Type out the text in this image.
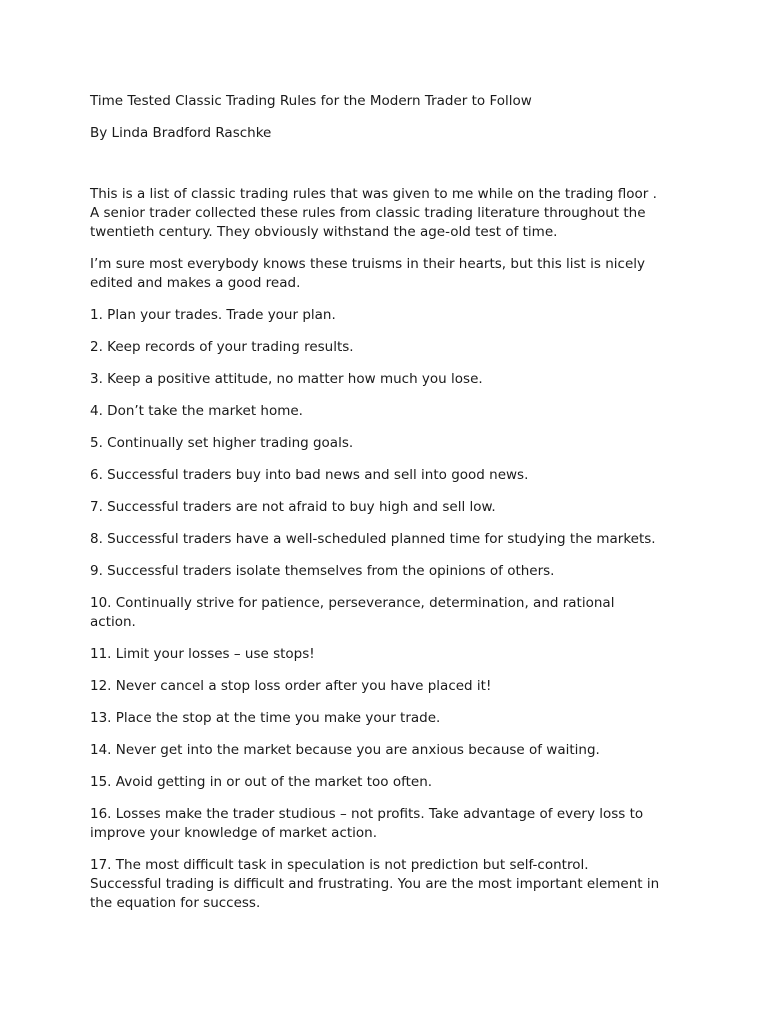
Time Tested Classic Trading Rules for the Modern Trader to Follow

By Linda Bradford Raschke

This is a list of classic trading rules that was given to me while on the trading floor .
A senior trader collected these rules from classic trading literature throughout the
twentieth century. They obviously withstand the age-old test of time.

I’m sure most everybody knows these truisms in their hearts, but this list is nicely
edited and makes a good read.

1. Plan your trades. Trade your plan.
2. Keep records of your trading results.
3. Keep a positive attitude, no matter how much you lose.
4. Don’t take the market home.
5. Continually set higher trading goals.
6. Successful traders buy into bad news and sell into good news.
7. Successful traders are not afraid to buy high and sell low.
8. Successful traders have a well-scheduled planned time for studying the markets.
9. Successful traders isolate themselves from the opinions of others.
10. Continually strive for patience, perseverance, determination, and rational
action.
11. Limit your losses – use stops!
12. Never cancel a stop loss order after you have placed it!
13. Place the stop at the time you make your trade.
14. Never get into the market because you are anxious because of waiting.
15. Avoid getting in or out of the market too often.
16. Losses make the trader studious – not profits. Take advantage of every loss to
improve your knowledge of market action.
17. The most difficult task in speculation is not prediction but self-control.
Successful trading is difficult and frustrating. You are the most important element in
the equation for success.
